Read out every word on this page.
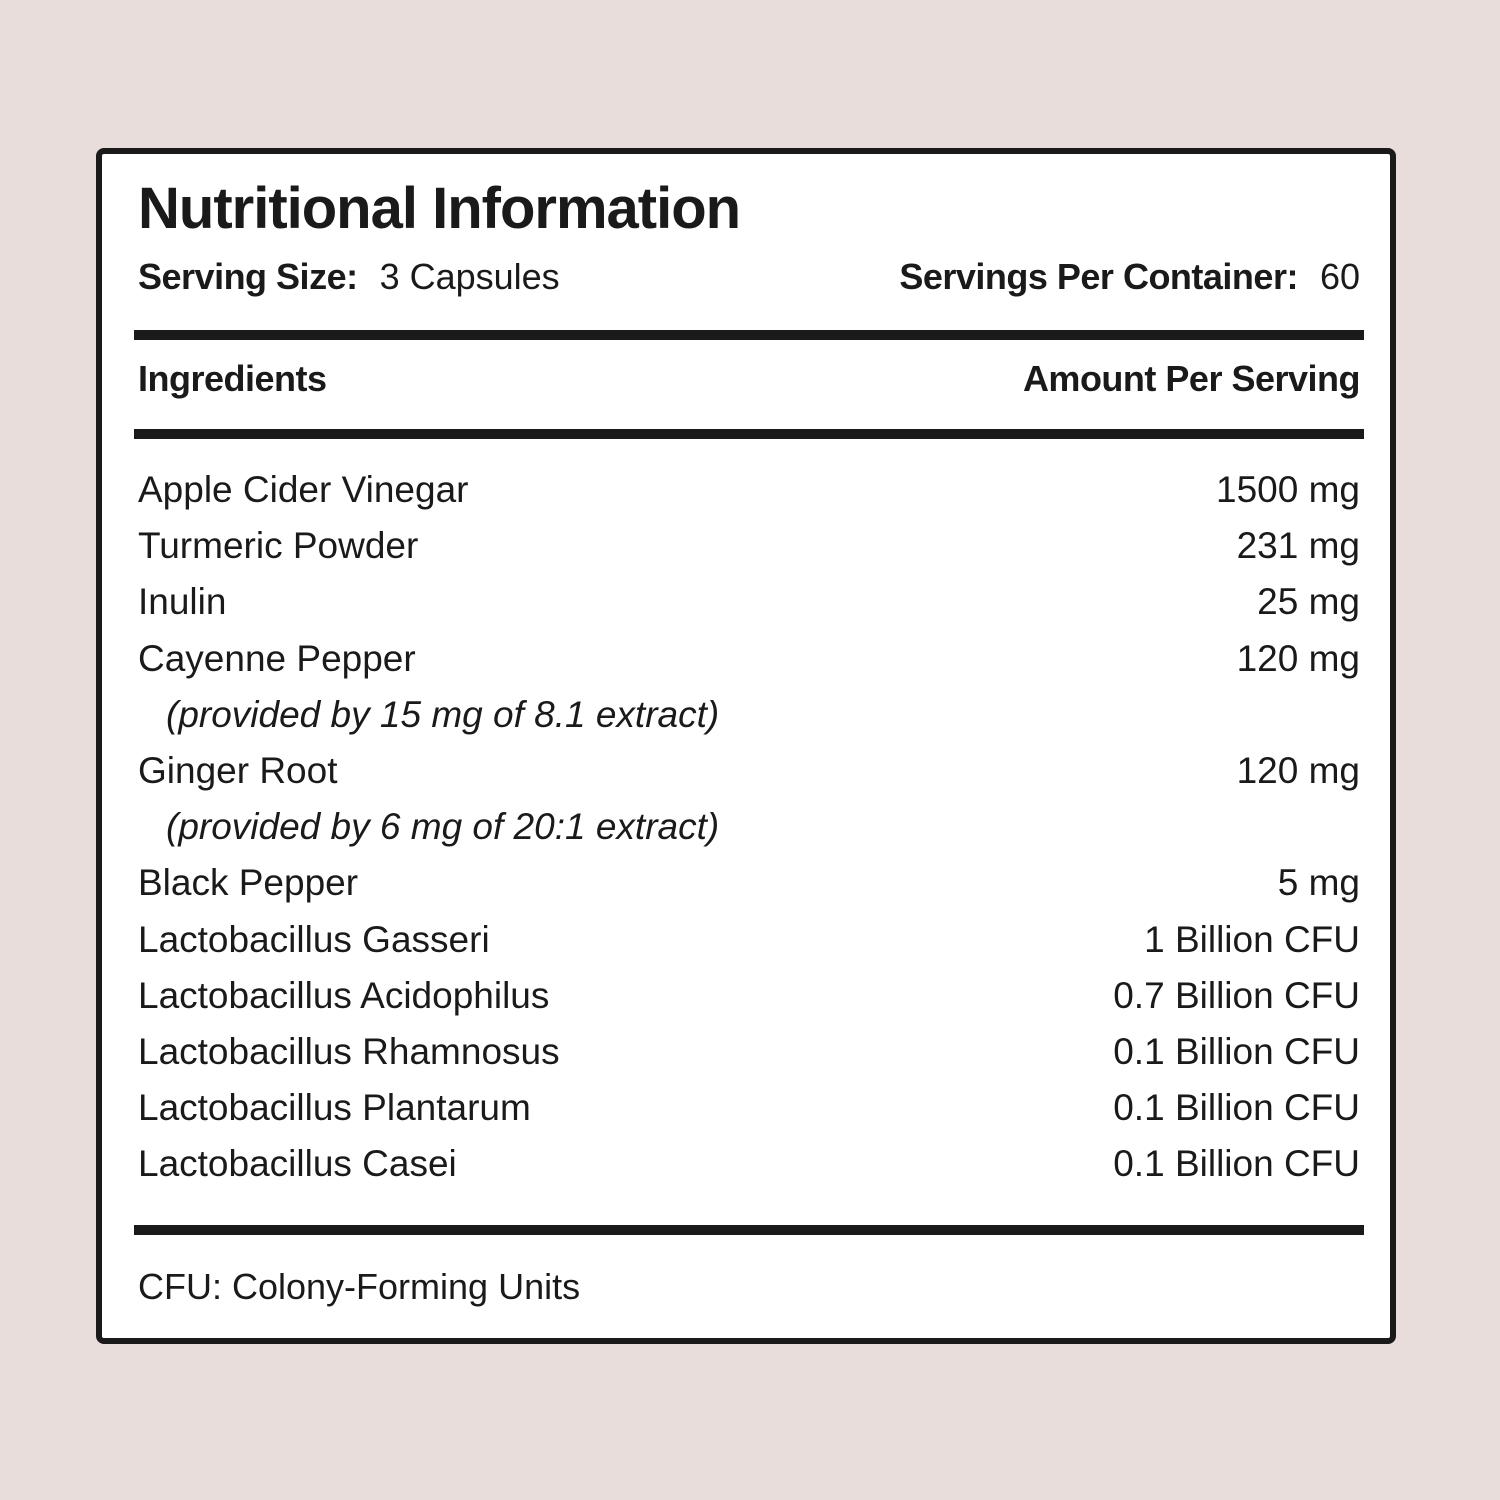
Nutritional Information
Serving Size: 3 Capsules	Servings Per Container: 60
Ingredients	Amount Per Serving
Apple Cider Vinegar	1500 mg
Turmeric Powder	231 mg
Inulin	25 mg
Cayenne Pepper	120 mg
(provided by 15 mg of 8.1 extract)
Ginger Root	120 mg
(provided by 6 mg of 20:1 extract)
Black Pepper	5 mg
Lactobacillus Gasseri	1 Billion CFU
Lactobacillus Acidophilus	0.7 Billion CFU
Lactobacillus Rhamnosus	0.1 Billion CFU
Lactobacillus Plantarum	0.1 Billion CFU
Lactobacillus Casei	0.1 Billion CFU
CFU: Colony-Forming Units
